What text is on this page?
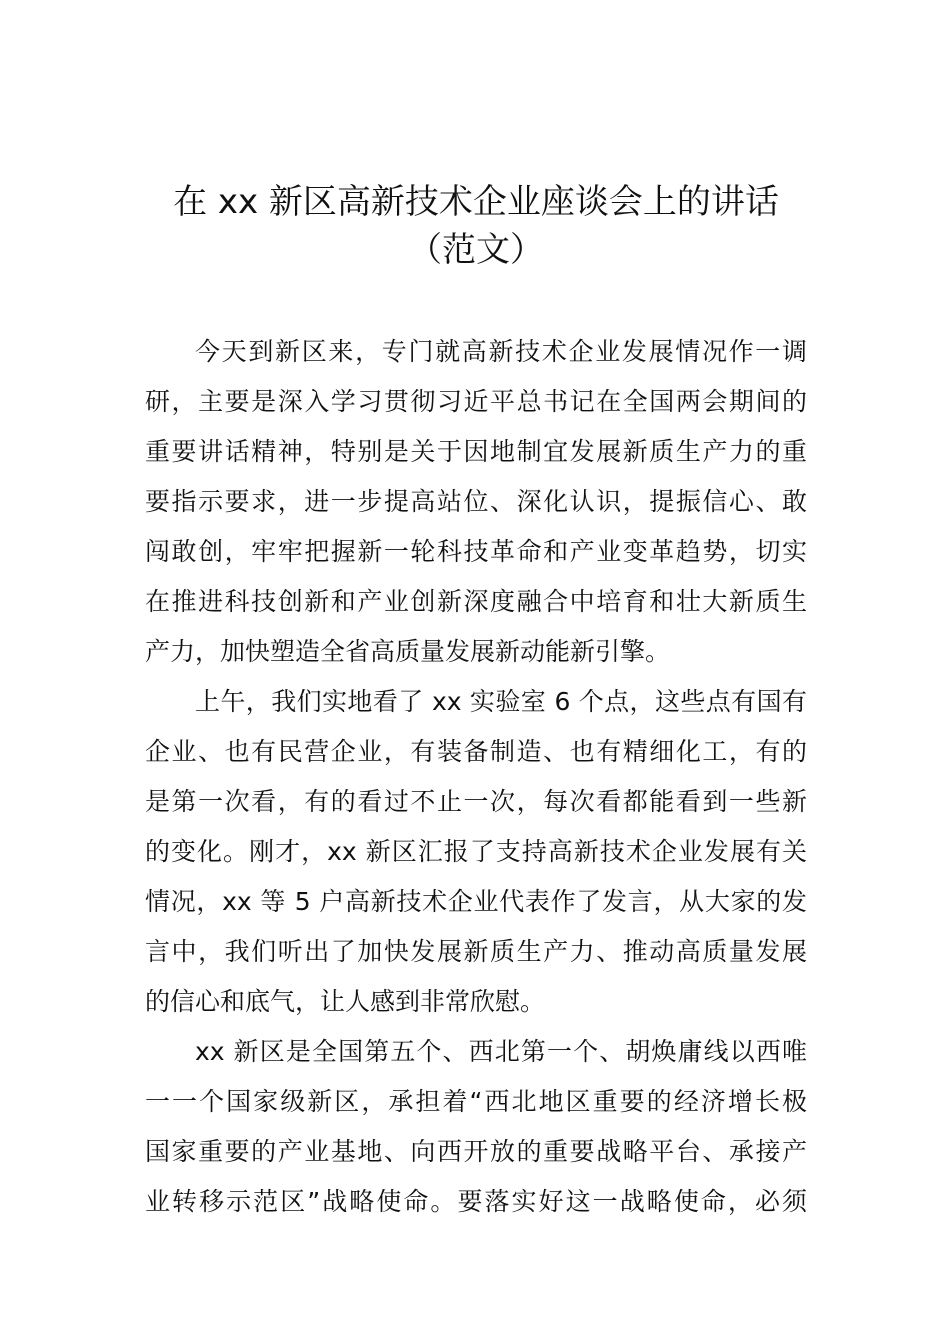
在 xx 新区高新技术企业座谈会上的讲话
（范文）
今天到新区来，专门就高新技术企业发展情况作一调
研，主要是深入学习贯彻习近平总书记在全国两会期间的
重要讲话精神，特别是关于因地制宜发展新质生产力的重
要指示要求，进一步提高站位、深化认识，提振信心、敢
闯敢创，牢牢把握新一轮科技革命和产业变革趋势，切实
在推进科技创新和产业创新深度融合中培育和壮大新质生
产力，加快塑造全省高质量发展新动能新引擎。
上午，我们实地看了 xx 实验室 6 个点，这些点有国有
企业、也有民营企业，有装备制造、也有精细化工，有的
是第一次看，有的看过不止一次，每次看都能看到一些新
的变化。刚才，xx 新区汇报了支持高新技术企业发展有关
情况，xx 等 5 户高新技术企业代表作了发言，从大家的发
言中，我们听出了加快发展新质生产力、推动高质量发展
的信心和底气，让人感到非常欣慰。
xx 新区是全国第五个、西北第一个、胡焕庸线以西唯
一一个国家级新区，承担着“西北地区重要的经济增长极
国家重要的产业基地、向西开放的重要战略平台、承接产
业转移示范区”战略使命。要落实好这一战略使命，必须
